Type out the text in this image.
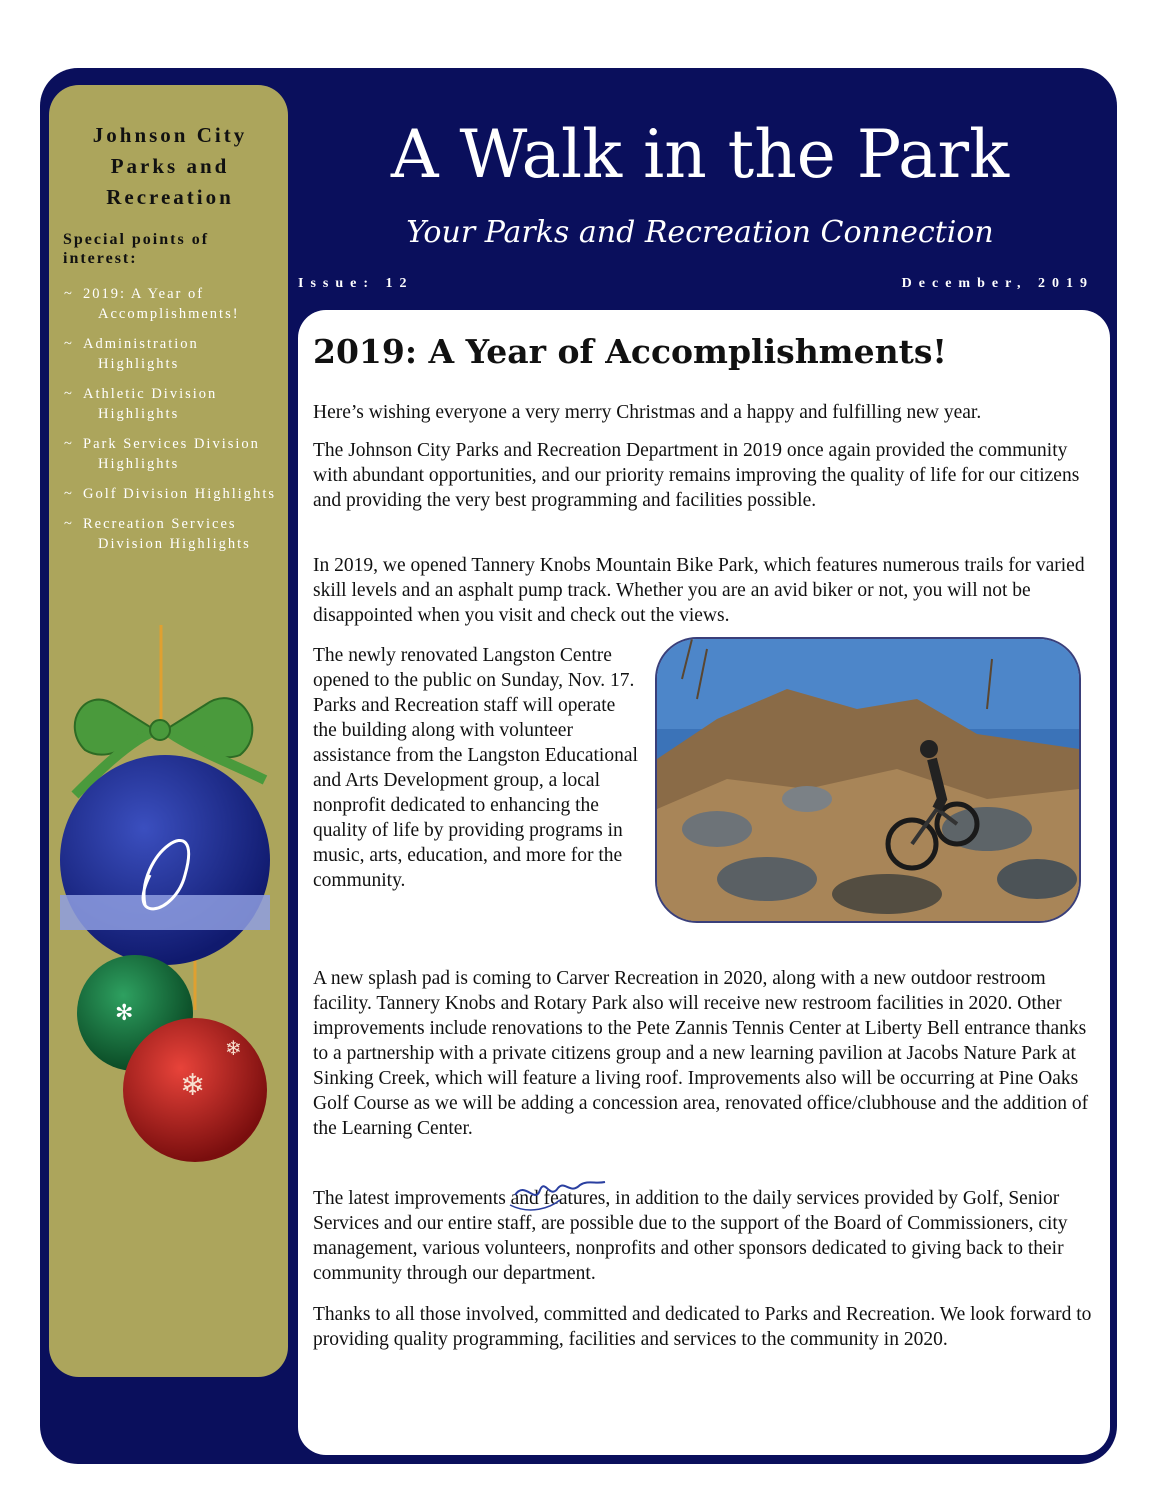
Johnson City
Parks and
Recreation
Special points of interest:
~ 2019: A Year of Accomplishments!
~ Administration Highlights
~ Athletic Division Highlights
~ Park Services Division Highlights
~ Golf Division Highlights
~ Recreation Services Division Highlights
✻
❄
❄
A Walk in the Park
Your Parks and Recreation Connection
Issue: 12	December, 2019
2019: A Year of Accomplishments!

Here’s wishing everyone a very merry Christmas and a happy and fulfilling new year.

The Johnson City Parks and Recreation Department in 2019 once again provided the community with abundant opportunities, and our priority remains improving the quality of life for our citizens and providing the very best programming and facilities possible.

In 2019, we opened Tannery Knobs Mountain Bike Park, which features numerous trails for varied skill levels and an asphalt pump track. Whether you are an avid biker or not, you will not be disappointed when you visit and check out the views.

The newly renovated Langston Centre opened to the public on Sunday, Nov. 17. Parks and Recreation staff will operate the building along with volunteer assistance from the Langston Educational and Arts Development group, a local nonprofit dedicated to enhancing the quality of life by providing programs in music, arts, education, and more for the community.

A new splash pad is coming to Carver Recreation in 2020, along with a new outdoor restroom facility. Tannery Knobs and Rotary Park also will receive new restroom facilities in 2020. Other improvements include renovations to the Pete Zannis Tennis Center at Liberty Bell entrance thanks to a partnership with a private citizens group and a new learning pavilion at Jacobs Nature Park at Sinking Creek, which will feature a living roof. Improvements also will be occurring at Pine Oaks Golf Course as we will be adding a concession area, renovated office/clubhouse and the addition of the Learning Center.

The latest improvements and features, in addition to the daily services provided by Golf, Senior Services and our entire staff, are possible due to the support of the Board of Commissioners, city management, various volunteers, nonprofits and other sponsors dedicated to giving back to their community through our department.

Thanks to all those involved, committed and dedicated to Parks and Recreation. We look forward to providing quality programming, facilities and services to the community in 2020.
